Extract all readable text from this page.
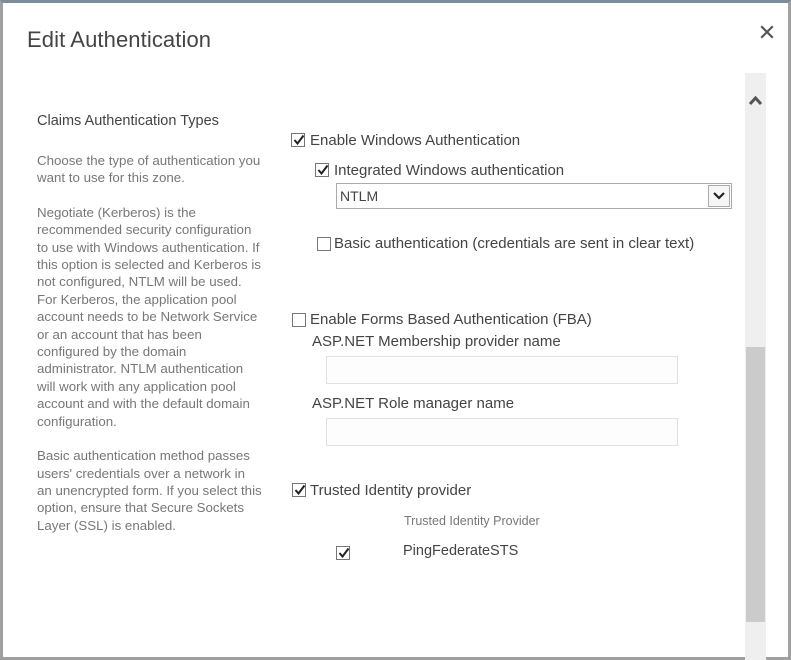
Edit Authentication
Claims Authentication Types
Choose the type of authentication you want to use for this zone.
Negotiate (Kerberos) is the recommended security configuration to use with Windows authentication. If this option is selected and Kerberos is not configured, NTLM will be used. For Kerberos, the application pool account needs to be Network Service or an account that has been configured by the domain administrator. NTLM authentication will work with any application pool account and with the default domain configuration.
Basic authentication method passes users' credentials over a network in an unencrypted form. If you select this option, ensure that Secure Sockets Layer (SSL) is enabled.
Enable Windows Authentication
Integrated Windows authentication
NTLM
Basic authentication (credentials are sent in clear text)
Enable Forms Based Authentication (FBA)
ASP.NET Membership provider name
ASP.NET Role manager name
Trusted Identity provider
Trusted Identity Provider
PingFederateSTS
